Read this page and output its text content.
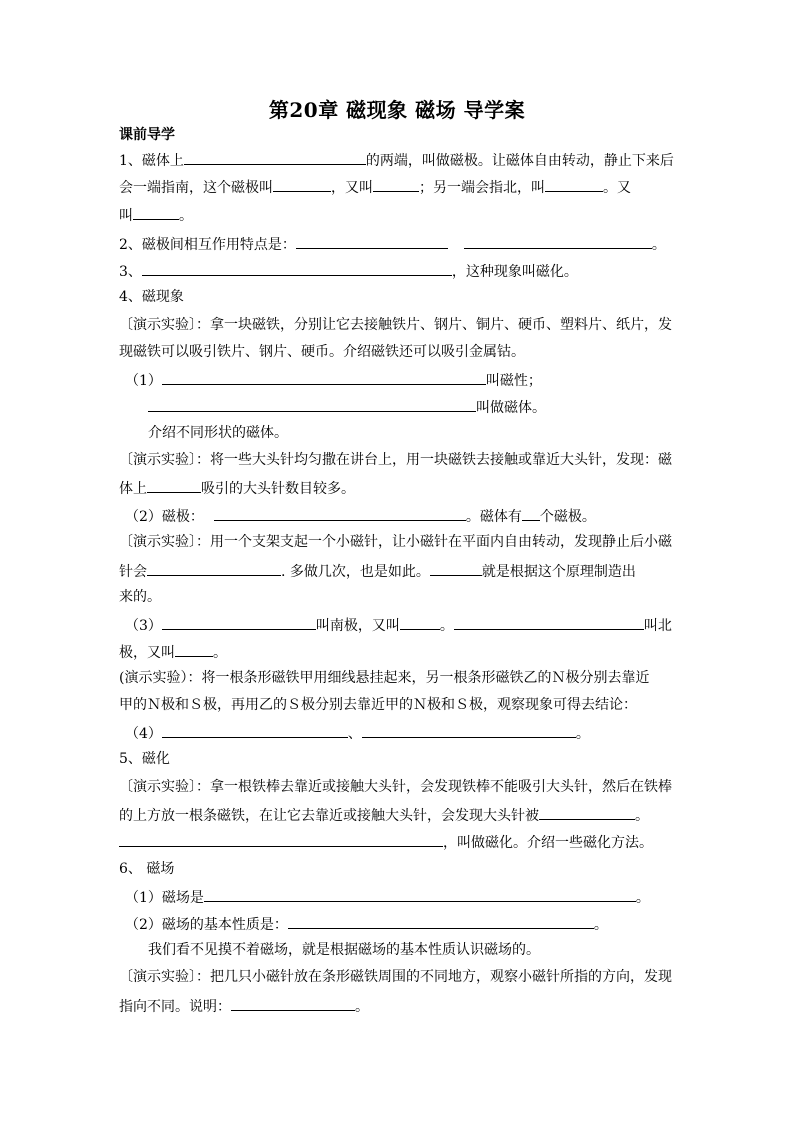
第20章 磁现象 磁场 导学案
课前导学
1、磁体上	的两端，叫做磁极。让磁体自由转动，静止下来后
会一端指南，这个磁极叫	，又叫	；另一端会指北，叫	。又
叫	。
2、磁极间相互作用特点是：	。
3、	，这种现象叫磁化。
4、磁现象
〔演示实验〕：拿一块磁铁，分别让它去接触铁片、钢片、铜片、硬币、塑料片、纸片，发
现磁铁可以吸引铁片、钢片、硬币。介绍磁铁还可以吸引金属钴。
（1）	叫磁性；
叫做磁体。
介绍不同形状的磁体。
〔演示实验〕：将一些大头针均匀撒在讲台上，用一块磁铁去接触或靠近大头针，发现：磁
体上	吸引的大头针数目较多。
（2）磁极：	。磁体有 个磁极。
〔演示实验〕：用一个支架支起一个小磁针，让小磁针在平面内自由转动，发现静止后小磁
针会	. 多做几次，也是如此。	就是根据这个原理制造出
来的。
（3）	叫南极，又叫	。	叫北
极，又叫	。
(演示实验）：将一根条形磁铁甲用细线悬挂起来，另一根条形磁铁乙的Ｎ极分别去靠近
甲的Ｎ极和Ｓ极，再用乙的Ｓ极分别去靠近甲的Ｎ极和Ｓ极，观察现象可得去结论：
（4）	、	。
5、磁化
〔演示实验〕：拿一根铁棒去靠近或接触大头针，会发现铁棒不能吸引大头针，然后在铁棒
的上方放一根条磁铁，在让它去靠近或接触大头针，会发现大头针被	。
，叫做磁化。介绍一些磁化方法。
6、 磁场
（1）磁场是	。
（2）磁场的基本性质是：	。
我们看不见摸不着磁场，就是根据磁场的基本性质认识磁场的。
〔演示实验〕：把几只小磁针放在条形磁铁周围的不同地方，观察小磁针所指的方向，发现
指向不同。说明：	。
